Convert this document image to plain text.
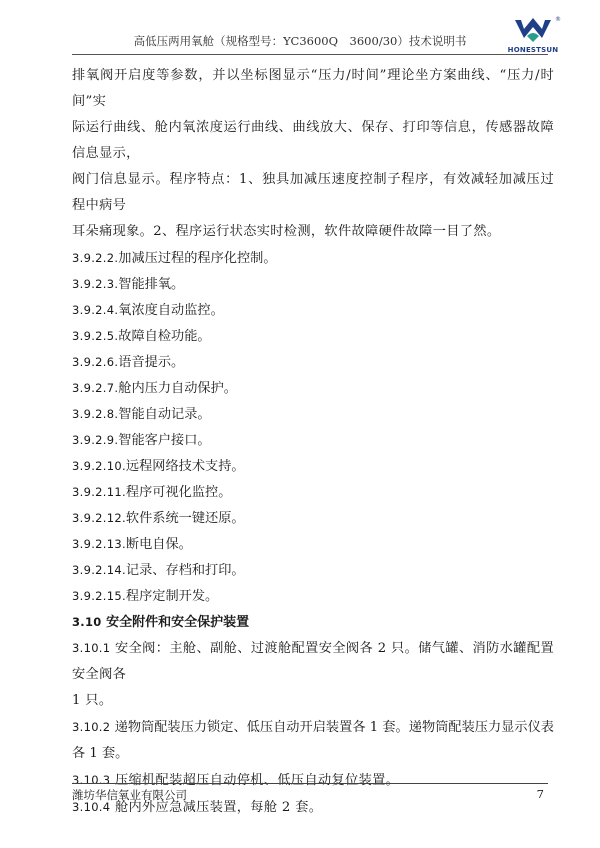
高低压两用氧舱（规格型号：YC3600Q　3600/30）技术说明书
®
HONESTSUN

排氧阀开启度等参数，并以坐标图显示“压力/时间”理论坐方案曲线、“压力/时间”实

际运行曲线、舱内氧浓度运行曲线、曲线放大、保存、打印等信息，传感器故障信息显示，

阀门信息显示。程序特点：1、独具加减压速度控制子程序，有效减轻加减压过程中病号

耳朵痛现象。2、程序运行状态实时检测，软件故障硬件故障一目了然。

3.9.2.2.加减压过程的程序化控制。

3.9.2.3.智能排氧。

3.9.2.4.氧浓度自动监控。

3.9.2.5.故障自检功能。

3.9.2.6.语音提示。

3.9.2.7.舱内压力自动保护。

3.9.2.8.智能自动记录。

3.9.2.9.智能客户接口。

3.9.2.10.远程网络技术支持。

3.9.2.11.程序可视化监控。

3.9.2.12.软件系统一键还原。

3.9.2.13.断电自保。

3.9.2.14.记录、存档和打印。

3.9.2.15.程序定制开发。

3.10 安全附件和安全保护装置

3.10.1 安全阀：主舱、副舱、过渡舱配置安全阀各 2 只。储气罐、消防水罐配置安全阀各

1 只。

3.10.2 递物筒配装压力锁定、低压自动开启装置各 1 套。递物筒配装压力显示仪表各 1 套。

3.10.3 压缩机配装超压自动停机、低压自动复位装置。

3.10.4 舱内外应急减压装置，每舱 2 套。

潍坊华信氧业有限公司	7
